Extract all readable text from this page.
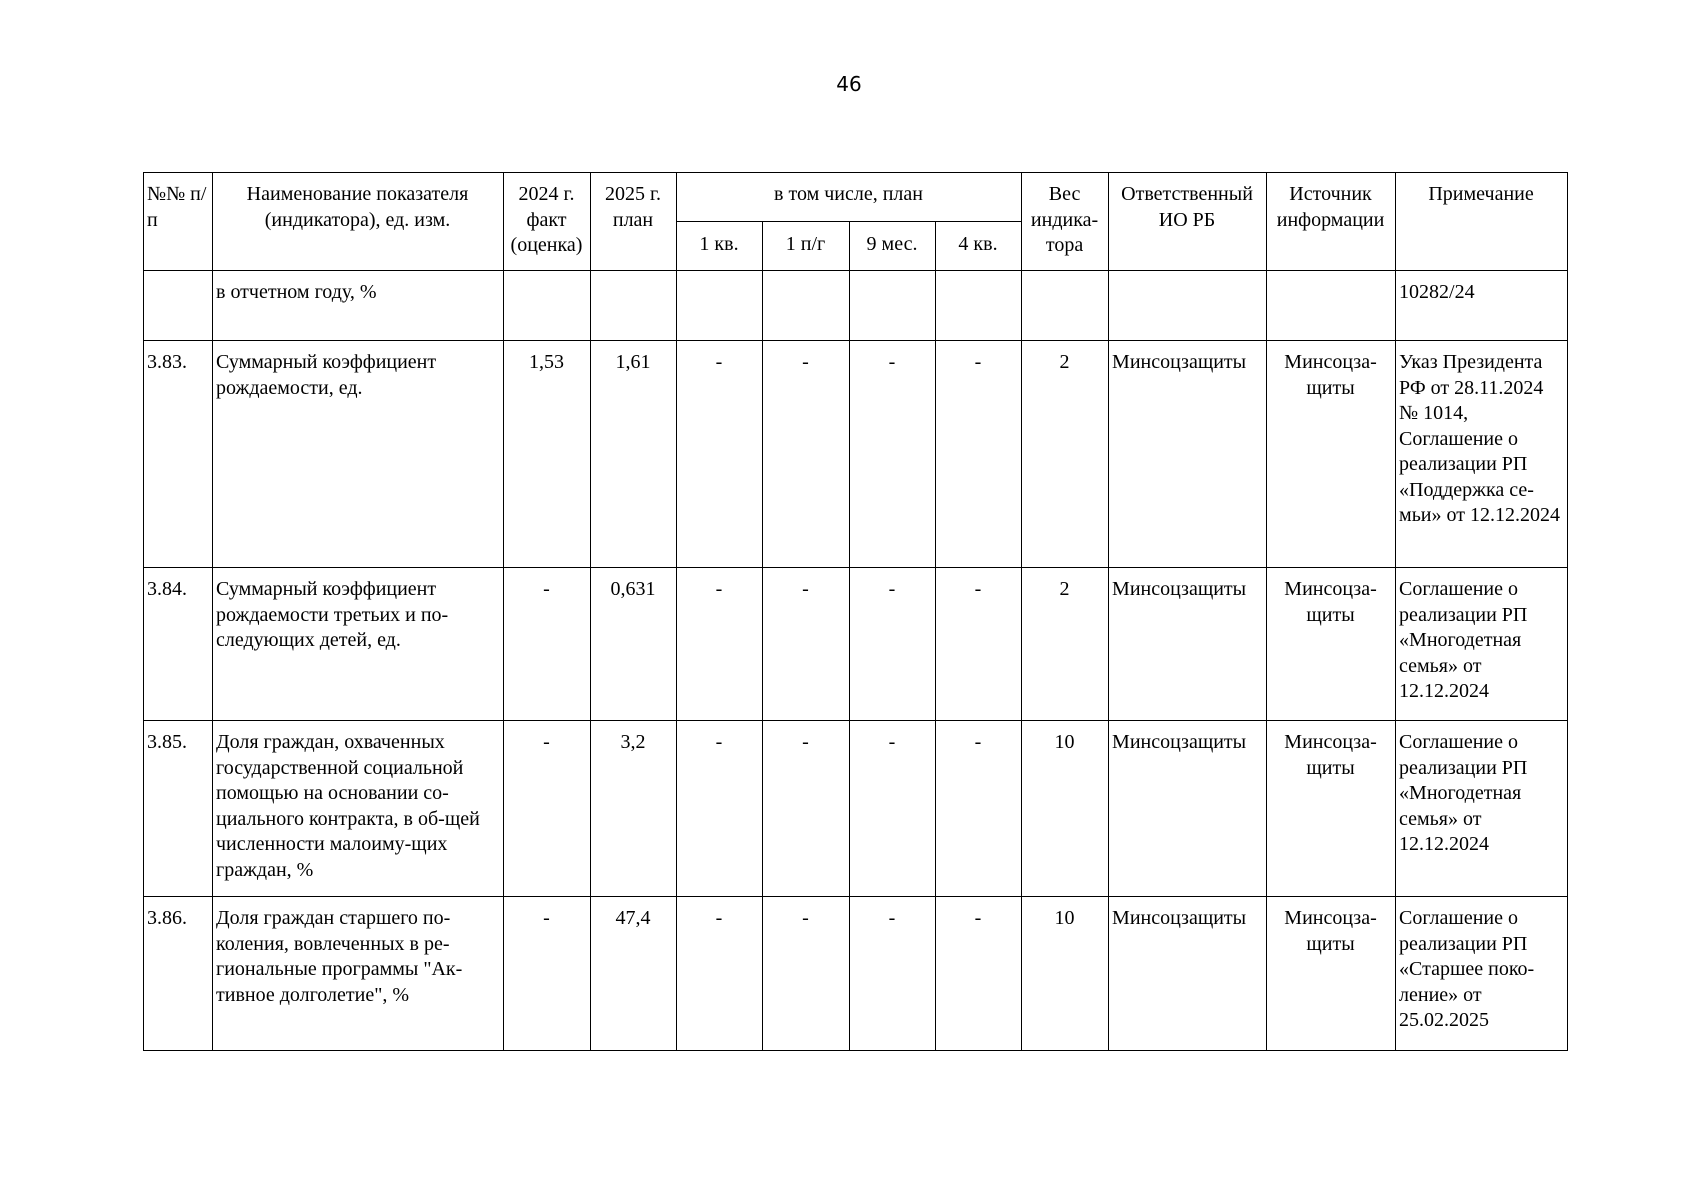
46
№№ п/п	Наименование показателя (индикатора), ед. изм.	2024 г. факт (оценка)	2025 г. план	в том числе, план				Вес индика-тора	Ответственный ИО РБ	Источник информации	Примечание
				1 кв.	1 п/г	9 мес.	4 кв.				
	в отчетном году, %										10282/24
3.83.	Суммарный коэффициент рождаемости, ед.	1,53	1,61	-	-	-	-	2	Минсоцзащиты	Минсоцза-щиты	Указ Президента РФ от 28.11.2024 № 1014, Соглашение о реализации РП «Поддержка се-мьи» от 12.12.2024
3.84.	Суммарный коэффициент рождаемости третьих и по-следующих детей, ед.	-	0,631	-	-	-	-	2	Минсоцзащиты	Минсоцза-щиты	Соглашение о реализации РП «Многодетная семья» от 12.12.2024
3.85.	Доля граждан, охваченных государственной социальной помощью на основании со-циального контракта, в об-щей численности малоиму-щих граждан, %	-	3,2	-	-	-	-	10	Минсоцзащиты	Минсоцза-щиты	Соглашение о реализации РП «Многодетная семья» от 12.12.2024
3.86.	Доля граждан старшего по-коления, вовлеченных в ре-гиональные программы "Ак-тивное долголетие", %	-	47,4	-	-	-	-	10	Минсоцзащиты	Минсоцза-щиты	Соглашение о реализации РП «Старшее поко-ление» от 25.02.2025
